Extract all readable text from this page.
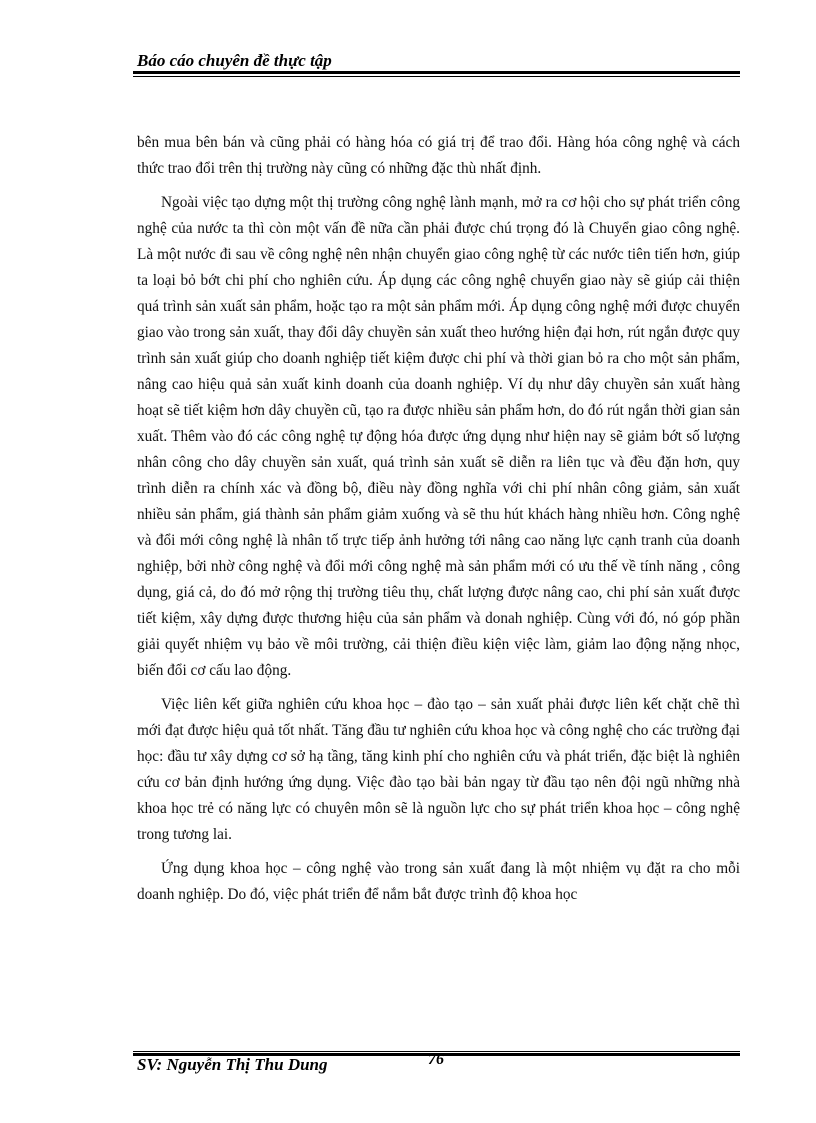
Báo cáo chuyên đề thực tập

bên mua bên bán và cũng phải có hàng hóa có giá trị để trao đổi. Hàng hóa công nghệ và cách thức trao đổi trên thị trường này cũng có những đặc thù nhất định.

Ngoài việc tạo dựng một thị trường công nghệ lành mạnh, mở ra cơ hội cho sự phát triển công nghệ của nước ta thì còn một vấn đề nữa cần phải được chú trọng đó là Chuyển giao công nghệ. Là một nước đi sau về công nghệ nên nhận chuyển giao công nghệ từ các nước tiên tiến hơn, giúp ta loại bỏ bớt chi phí cho nghiên cứu. Áp dụng các công nghệ chuyển giao này sẽ giúp cải thiện quá trình sản xuất sản phẩm, hoặc tạo ra một sản phẩm mới. Áp dụng công nghệ mới được chuyển giao vào trong sản xuất, thay đổi dây chuyền sản xuất theo hướng hiện đại hơn, rút ngắn được quy trình sản xuất giúp cho doanh nghiệp tiết kiệm được chi phí và thời gian bỏ ra cho một sản phẩm, nâng cao hiệu quả sản xuất kinh doanh của doanh nghiệp. Ví dụ như dây chuyền sản xuất hàng hoạt sẽ tiết kiệm hơn dây chuyền cũ, tạo ra được nhiều sản phẩm hơn, do đó rút ngắn thời gian sản xuất. Thêm vào đó các công nghệ tự động hóa được ứng dụng như hiện nay sẽ giảm bớt số lượng nhân công cho dây chuyền sản xuất, quá trình sản xuất sẽ diễn ra liên tục và đều đặn hơn, quy trình diễn ra chính xác và đồng bộ, điều này đồng nghĩa với chi phí nhân công giảm, sản xuất nhiều sản phẩm, giá thành sản phẩm giảm xuống và sẽ thu hút khách hàng nhiều hơn. Công nghệ và đổi mới công nghệ là nhân tố trực tiếp ảnh hưởng tới nâng cao năng lực cạnh tranh của doanh nghiệp, bởi nhờ công nghệ và đổi mới công nghệ mà sản phẩm mới có ưu thế về tính năng , công dụng, giá cả, do đó mở rộng thị trường tiêu thụ, chất lượng được nâng cao, chi phí sản xuất được tiết kiệm, xây dựng được thương hiệu của sản phẩm và donah nghiệp. Cùng với đó, nó góp phần giải quyết nhiệm vụ bảo về môi trường, cải thiện điều kiện việc làm, giảm lao động nặng nhọc, biến đổi cơ cấu lao động.

Việc liên kết giữa nghiên cứu khoa học – đào tạo – sản xuất phải được liên kết chặt chẽ thì mới đạt được hiệu quả tốt nhất. Tăng đầu tư nghiên cứu khoa học và công nghệ cho các trường đại học: đầu tư xây dựng cơ sở hạ tầng, tăng kinh phí cho nghiên cứu và phát triển, đặc biệt là nghiên cứu cơ bản định hướng ứng dụng. Việc đào tạo bài bản ngay từ đầu tạo nên đội ngũ những nhà khoa học trẻ có năng lực có chuyên môn sẽ là nguồn lực cho sự phát triển khoa học – công nghệ trong tương lai.

Ứng dụng khoa học – công nghệ vào trong sản xuất đang là một nhiệm vụ đặt ra cho mỗi doanh nghiệp. Do đó, việc phát triển để nắm bắt được trình độ khoa học

SV: Nguyễn Thị Thu Dung	76
